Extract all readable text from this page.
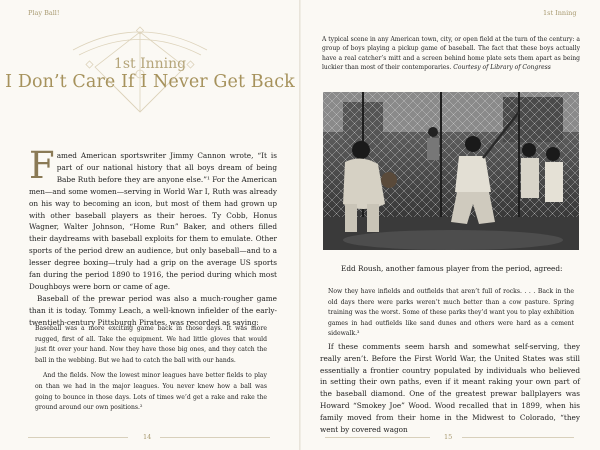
Play Ball!
1st Inning
I Don’t Care If I Never Get Back
F amed American sportswriter Jimmy Cannon wrote, “It is part of our national history that all boys dream of being Babe Ruth before they are anyone else.”¹ For the American men—and some women—serving in World War I, Ruth was already on his way to becoming an icon, but most of them had grown up with other baseball players as their heroes. Ty Cobb, Honus Wagner, Walter Johnson, “Home Run” Baker, and others filled their daydreams with baseball exploits for them to emulate. Other sports of the period drew an audience, but only baseball—and to a lesser degree boxing—truly had a grip on the average US sports fan during the period 1890 to 1916, the period during which most Doughboys were born or came of age.

Baseball of the prewar period was also a much-rougher game than it is today. Tommy Leach, a well-known infielder of the early-twentieth-century Pittsburgh Pirates, was recorded as saying:

Baseball was a more exciting game back in those days. It was more rugged, first of all. Take the equipment. We had little gloves that would just fit over your hand. Now they have those big ones, and they catch the ball in the webbing. But we had to catch the ball with our hands.

And the fields. Now the lowest minor leagues have better fields to play on than we had in the major leagues. You never knew how a ball was going to bounce in those days. Lots of times we’d get a rake and rake the ground around our own positions.²

14
1st Inning
A typical scene in any American town, city, or open field at the turn of the century: a group of boys playing a pickup game of baseball. The fact that these boys actually have a real catcher’s mitt and a screen behind home plate sets them apart as being luckier than most of their contemporaries. Courtesy of Library of Congress
Edd Roush, another famous player from the period, agreed:
Now they have infields and outfields that aren’t full of rocks. . . . Back in the old days there were parks weren’t much better than a cow pasture. Spring training was the worst. Some of these parks they’d want you to play exhibition games in had outfields like sand dunes and others were hard as a cement sidewalk.³

If these comments seem harsh and somewhat self-serving, they really aren’t. Before the First World War, the United States was still essentially a frontier country populated by individuals who believed in setting their own paths, even if it meant raking your own part of the baseball diamond. One of the greatest prewar ballplayers was Howard “Smokey Joe” Wood. Wood recalled that in 1899, when his family moved from their home in the Midwest to Colorado, “they went by covered wagon

15
